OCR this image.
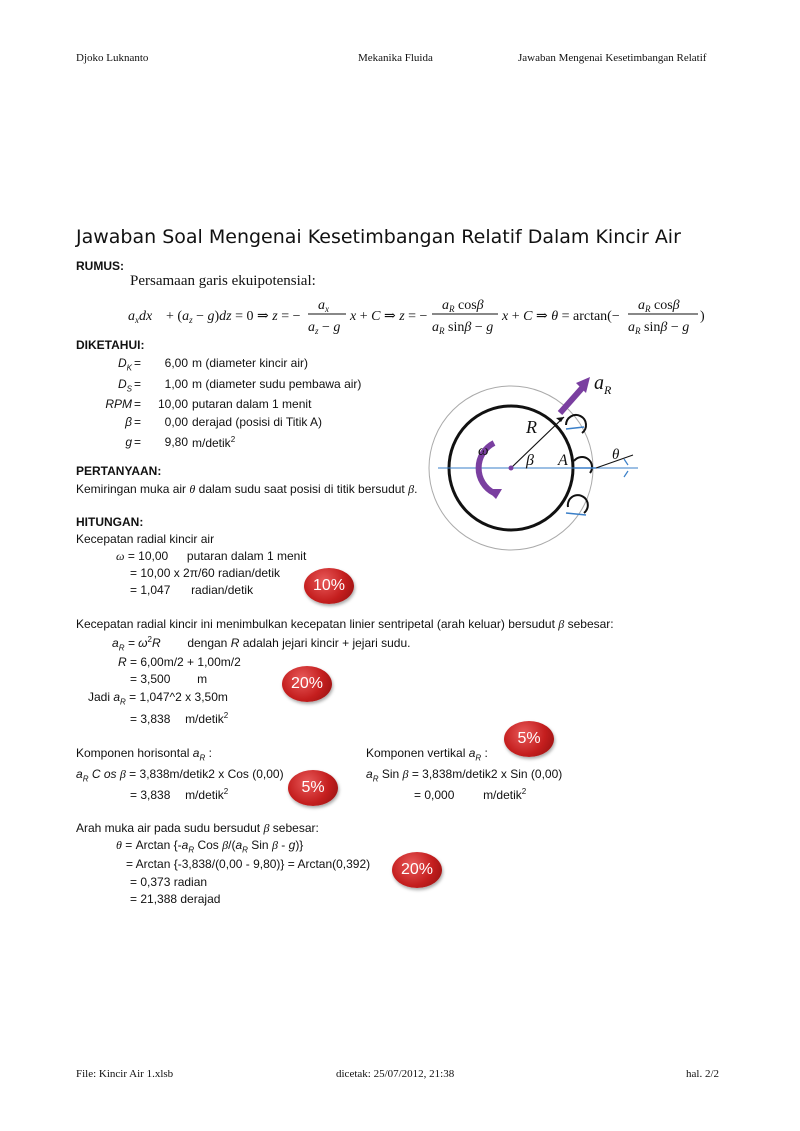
Djoko Luknanto	Mekanika Fluida	Jawaban Mengenai Kesetimbangan Relatif
Jawaban Soal Mengenai Kesetimbangan Relatif Dalam Kincir Air
RUMUS:
Persamaan garis ekuipotensial:
$a_xdx + (a_z - g)dz = 0$ ⇒ z = −
$a_x$
$a_z - g$
x + C ⇒ z = −
$a_R$ cosβ
$a_R$ sinβ − g
x + C ⇒ θ = arctan(−
$a_R$ cosβ
$a_R$ sinβ − g
)
DIKETAHUI:
$D_K = 6,00$ m (diameter kincir air)
$D_S = 1,00$ m (diameter sudu pembawa air)
RPM = 10,00 putaran dalam 1 menit
β = 0,00 derajad (posisi di Titik A)
g = 9,80 m/detik$^2$
PERTANYAAN:
Kemiringan muka air θ dalam sudu saat posisi di titik bersudut β.
HITUNGAN:
Kecepatan radial kincir air
ω = 10,00 putaran dalam 1 menit
= 10,00 x 2π/60 radian/detik
= 1,047 radian/detik	10%
Kecepatan radial kincir ini menimbulkan kecepatan linier sentripetal (arah keluar) bersudut β sebesar:
$a_R = \omega^2R$ dengan R adalah jejari kincir + jejari sudu.
R = 6,00m/2 + 1,00m/2
= 3,500 m
Jadi $a_R$ = 1,047^2 x 3,50m
= 3,838 m/detik$^2$
20%
5%
Komponen horisontal $a_R$ :
$a_R$ C os β = 3,838m/detik2 x Cos (0,00)
= 3,838 m/detik$^2$	5%
Komponen vertikal $a_R$ :
$a_R$ Sin β = 3,838m/detik2 x Sin (0,00)
= 0,000 m/detik$^2$
Arah muka air pada sudu bersudut β sebesar:
θ = Arctan {$-a_R$ Cos $\beta/(a_R$ Sin β - g)}
= Arctan {-3,838/(0,00 - 9,80)} = Arctan(0,392)
= 0,373 radian
= 21,388 derajad
20%
$a_R$
R
ω
β A	θ
File: Kincir Air 1.xlsb	dicetak: 25/07/2012, 21:38	hal. 2/2
